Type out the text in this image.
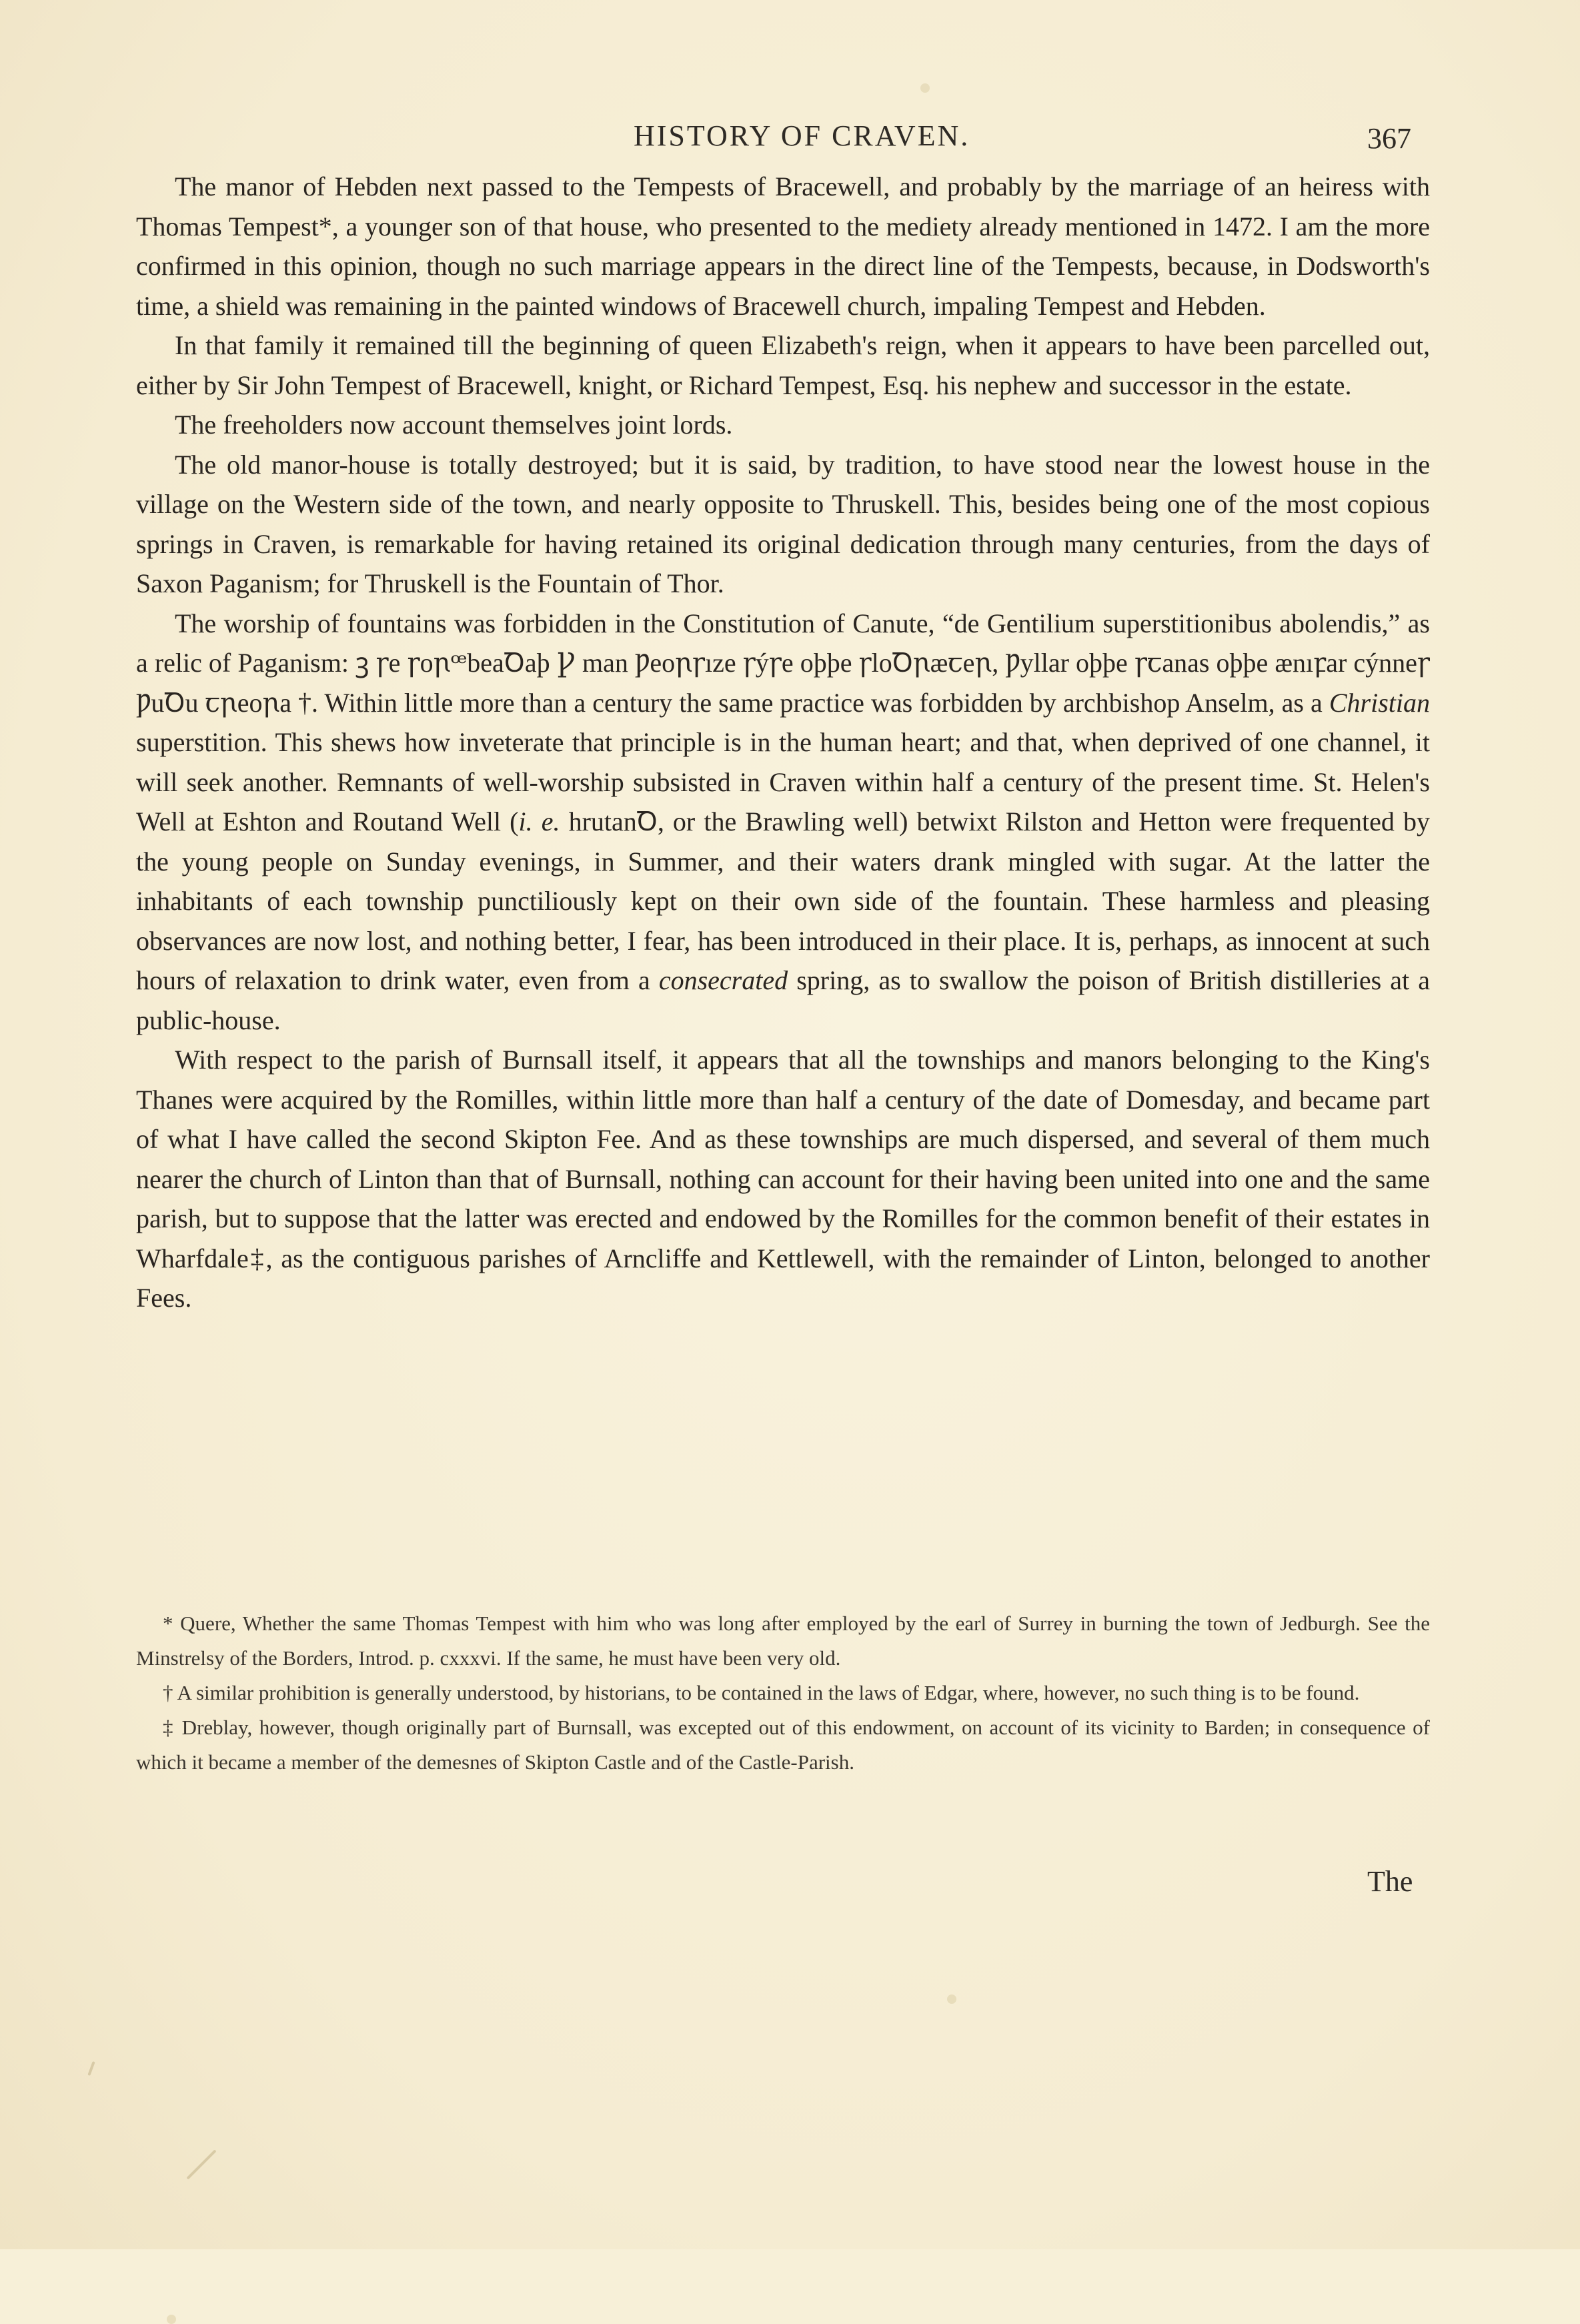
HISTORY OF CRAVEN.	367

The manor of Hebden next passed to the Tempests of Bracewell, and probably by the marriage of an heiress with Thomas Tempest*, a younger son of that house, who presented to the mediety already mentioned in 1472. I am the more confirmed in this opinion, though no such marriage appears in the direct line of the Tempests, because, in Dodsworth's time, a shield was remaining in the painted windows of Bracewell church, impaling Tempest and Hebden.

In that family it remained till the beginning of queen Elizabeth's reign, when it appears to have been parcelled out, either by Sir John Tempest of Bracewell, knight, or Richard Tempest, Esq. his nephew and successor in the estate.

The freeholders now account themselves joint lords.

The old manor-house is totally destroyed; but it is said, by tradition, to have stood near the lowest house in the village on the Western side of the town, and nearly opposite to Thruskell. This, besides being one of the most copious springs in Craven, is remarkable for having retained its original dedication through many centuries, from the days of Saxon Paganism; for Thruskell is the Fountain of Thor.

The worship of fountains was forbidden in the Constitution of Canute, “de Gentilium superstitionibus abolendis,” as a relic of Paganism: ꝫ ꞅe ꞅoꞃꟹbeaꝹaþ Ꝩ man Ƿeoꞃꞅıze ꞅýꞅe oþþe ꞅloꝹꞃæꞇeꞃ, Ƿyllar oþþe ꞅꞇanas oþþe ænıꝼar cýnneꞅ ǷuꝹu ꞇꞃeoꞃa †. Within little more than a century the same practice was forbidden by archbishop Anselm, as a Christian superstition. This shews how inveterate that principle is in the human heart; and that, when deprived of one channel, it will seek another. Remnants of well-worship subsisted in Craven within half a century of the present time. St. Helen's Well at Eshton and Routand Well (i. e. hrutanꝹ, or the Brawling well) betwixt Rilston and Hetton were frequented by the young people on Sunday evenings, in Summer, and their waters drank mingled with sugar. At the latter the inhabitants of each township punctiliously kept on their own side of the fountain. These harmless and pleasing observances are now lost, and nothing better, I fear, has been introduced in their place. It is, perhaps, as innocent at such hours of relaxation to drink water, even from a consecrated spring, as to swallow the poison of British distilleries at a public-house.

With respect to the parish of Burnsall itself, it appears that all the townships and manors belonging to the King's Thanes were acquired by the Romilles, within little more than half a century of the date of Domesday, and became part of what I have called the second Skipton Fee. And as these townships are much dispersed, and several of them much nearer the church of Linton than that of Burnsall, nothing can account for their having been united into one and the same parish, but to suppose that the latter was erected and endowed by the Romilles for the common benefit of their estates in Wharfdale‡, as the contiguous parishes of Arncliffe and Kettlewell, with the remainder of Linton, belonged to another Fees.

* Quere, Whether the same Thomas Tempest with him who was long after employed by the earl of Surrey in burning the town of Jedburgh. See the Minstrelsy of the Borders, Introd. p. cxxxvi. If the same, he must have been very old.

† A similar prohibition is generally understood, by historians, to be contained in the laws of Edgar, where, however, no such thing is to be found.

‡ Dreblay, however, though originally part of Burnsall, was excepted out of this endowment, on account of its vicinity to Barden; in consequence of which it became a member of the demesnes of Skipton Castle and of the Castle-Parish.

The
